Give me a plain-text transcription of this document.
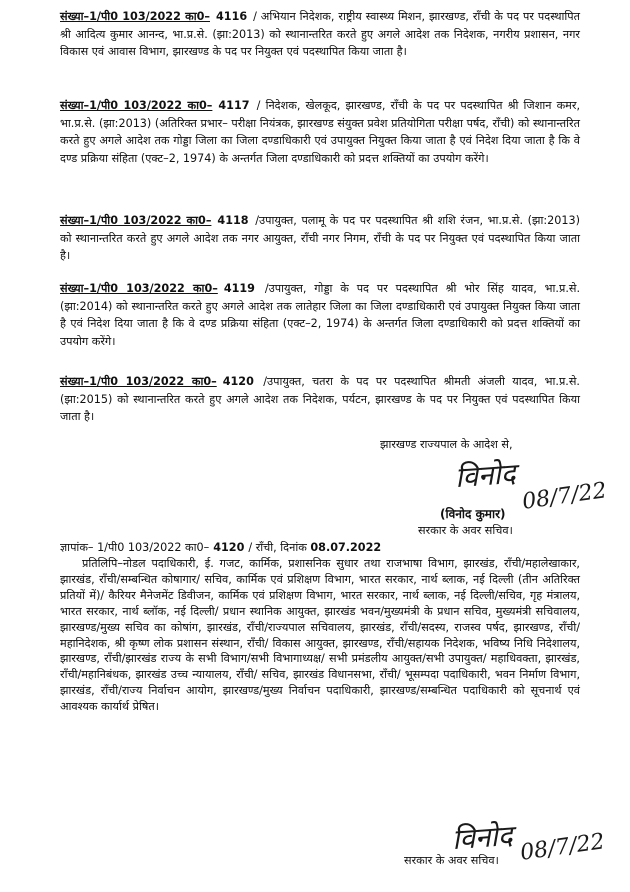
संख्या–1/पी0 103/2022 का0– 4116 / अभियान निदेशक, राष्ट्रीय स्वास्थ्य मिशन, झारखण्ड, राँची के पद पर पदस्थापित श्री आदित्य कुमार आनन्द, भा.प्र.से. (झा:2013) को स्थानान्तरित करते हुए अगले आदेश तक निदेशक, नगरीय प्रशासन, नगर विकास एवं आवास विभाग, झारखण्ड के पद पर नियुक्त एवं पदस्थापित किया जाता है।
संख्या–1/पी0 103/2022 का0– 4117 / निदेशक, खेलकूद, झारखण्ड, राँची के पद पर पदस्थापित श्री जिशान कमर, भा.प्र.से. (झा:2013) (अतिरिक्त प्रभार– परीक्षा नियंत्रक, झारखण्ड संयुक्त प्रवेश प्रतियोगिता परीक्षा पर्षद, राँची) को स्थानान्तरित करते हुए अगले आदेश तक गोड्डा जिला का जिला दण्डाधिकारी एवं उपायुक्त नियुक्त किया जाता है एवं निदेश दिया जाता है कि वे दण्ड प्रक्रिया संहिता (एक्ट–2, 1974) के अन्तर्गत जिला दण्डाधिकारी को प्रदत्त शक्तियों का उपयोग करेंगे।
संख्या–1/पी0 103/2022 का0– 4118 /उपायुक्त, पलामू के पद पर पदस्थापित श्री शशि रंजन, भा.प्र.से. (झा:2013) को स्थानान्तरित करते हुए अगले आदेश तक नगर आयुक्त, राँची नगर निगम, राँची के पद पर नियुक्त एवं पदस्थापित किया जाता है।
संख्या–1/पी0 103/2022 का0– 4119 /उपायुक्त, गोड्डा के पद पर पदस्थापित श्री भोर सिंह यादव, भा.प्र.से. (झा:2014) को स्थानान्तरित करते हुए अगले आदेश तक लातेहार जिला का जिला दण्डाधिकारी एवं उपायुक्त नियुक्त किया जाता है एवं निदेश दिया जाता है कि वे दण्ड प्रक्रिया संहिता (एक्ट–2, 1974) के अन्तर्गत जिला दण्डाधिकारी को प्रदत्त शक्तियों का उपयोग करेंगे।
संख्या–1/पी0 103/2022 का0– 4120 /उपायुक्त, चतरा के पद पर पदस्थापित श्रीमती अंजली यादव, भा.प्र.से. (झा:2015) को स्थानान्तरित करते हुए अगले आदेश तक निदेशक, पर्यटन, झारखण्ड के पद पर नियुक्त एवं पदस्थापित किया जाता है।
झारखण्ड राज्यपाल के आदेश से,
विनोद
08/7/22
(विनोद कुमार)
सरकार के अवर सचिव।
ज्ञापांक– 1/पी0 103/2022 का0– 4120 / राँची, दिनांक 08.07.2022
प्रतिलिपि–नोडल पदाधिकारी, ई. गजट, कार्मिक, प्रशासनिक सुधार तथा राजभाषा विभाग, झारखंड, राँची/महालेखाकार, झारखंड, राँची/सम्बन्धित कोषागार/ सचिव, कार्मिक एवं प्रशिक्षण विभाग, भारत सरकार, नार्थ ब्लाक, नई दिल्ली (तीन अतिरिक्त प्रतियों में)/ कैरियर मैनेजमेंट डिवीजन, कार्मिक एवं प्रशिक्षण विभाग, भारत सरकार, नार्थ ब्लाक, नई दिल्ली/सचिव, गृह मंत्रालय, भारत सरकार, नार्थ ब्लॉक, नई दिल्ली/ प्रधान स्थानिक आयुक्त, झारखंड भवन/मुख्यमंत्री के प्रधान सचिव, मुख्यमंत्री सचिवालय, झारखण्ड/मुख्य सचिव का कोषांग, झारखंड, राँची/राज्यपाल सचिवालय, झारखंड, राँची/सदस्य, राजस्व पर्षद, झारखण्ड, राँची/महानिदेशक, श्री कृष्ण लोक प्रशासन संस्थान, राँची/ विकास आयुक्त, झारखण्ड, राँची/सहायक निदेशक, भविष्य निधि निदेशालय, झारखण्ड, राँची/झारखंड राज्य के सभी विभाग/सभी विभागाध्यक्ष/ सभी प्रमंडलीय आयुक्त/सभी उपायुक्त/ महाधिवक्ता, झारखंड, राँची/महानिबंधक, झारखंड उच्च न्यायालय, राँची/ सचिव, झारखंड विधानसभा, राँची/ भूसम्पदा पदाधिकारी, भवन निर्माण विभाग, झारखंड, राँची/राज्य निर्वाचन आयोग, झारखण्ड/मुख्य निर्वाचन पदाधिकारी, झारखण्ड/सम्बन्धित पदाधिकारी को सूचनार्थ एवं आवश्यक कार्यार्थ प्रेषित।
विनोद 08/7/22
सरकार के अवर सचिव।
